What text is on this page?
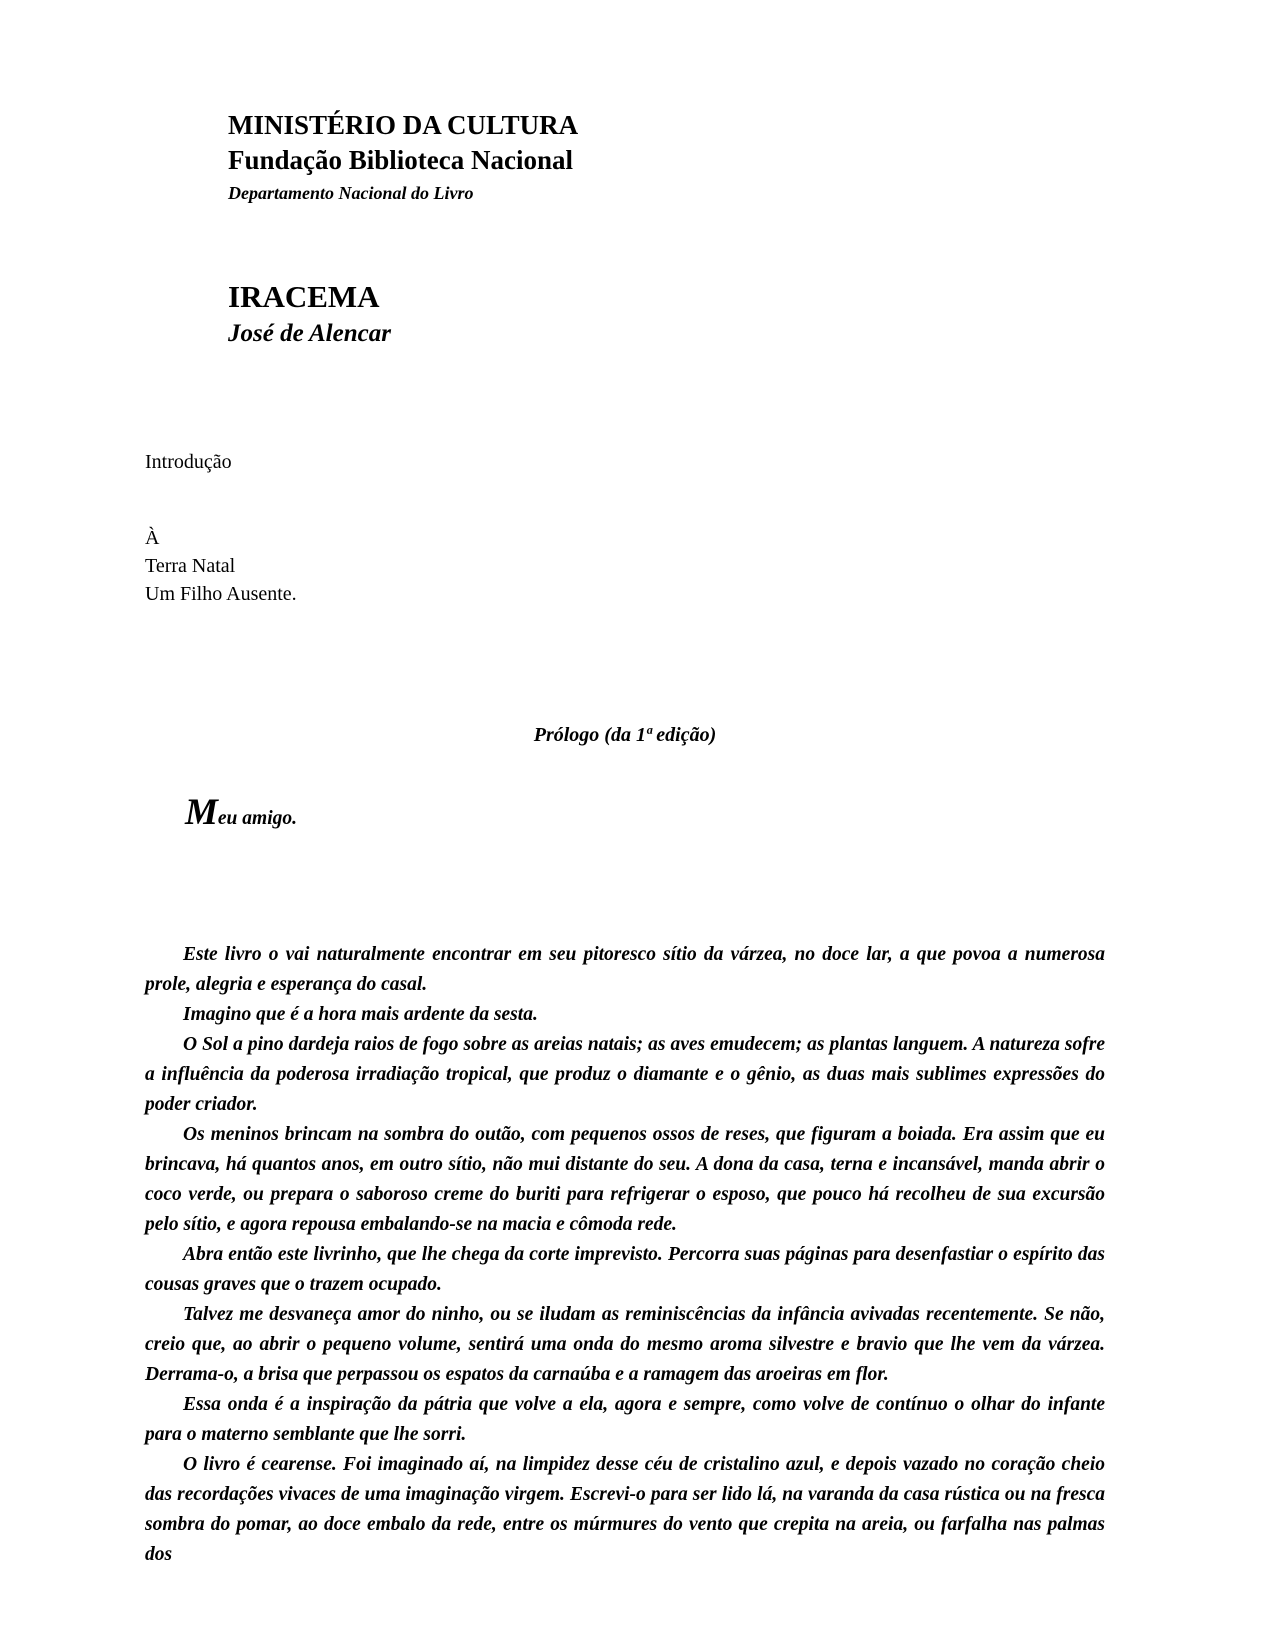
MINISTÉRIO DA CULTURA
Fundação Biblioteca Nacional
Departamento Nacional do Livro
IRACEMA
José de Alencar
Introdução
À
Terra Natal
Um Filho Ausente.
Prólogo (da 1ª edição)
Meu amigo.

Este livro o vai naturalmente encontrar em seu pitoresco sítio da várzea, no doce lar, a que povoa a numerosa prole, alegria e esperança do casal.

Imagino que é a hora mais ardente da sesta.

O Sol a pino dardeja raios de fogo sobre as areias natais; as aves emudecem; as plantas languem. A natureza sofre a influência da poderosa irradiação tropical, que produz o diamante e o gênio, as duas mais sublimes expressões do poder criador.

Os meninos brincam na sombra do outão, com pequenos ossos de reses, que figuram a boiada. Era assim que eu brincava, há quantos anos, em outro sítio, não mui distante do seu. A dona da casa, terna e incansável, manda abrir o coco verde, ou prepara o saboroso creme do buriti para refrigerar o esposo, que pouco há recolheu de sua excursão pelo sítio, e agora repousa embalando-se na macia e cômoda rede.

Abra então este livrinho, que lhe chega da corte imprevisto. Percorra suas páginas para desenfastiar o espírito das cousas graves que o trazem ocupado.

Talvez me desvaneça amor do ninho, ou se iludam as reminiscências da infância avivadas recentemente. Se não, creio que, ao abrir o pequeno volume, sentirá uma onda do mesmo aroma silvestre e bravio que lhe vem da várzea. Derrama-o, a brisa que perpassou os espatos da carnaúba e a ramagem das aroeiras em flor.

Essa onda é a inspiração da pátria que volve a ela, agora e sempre, como volve de contínuo o olhar do infante para o materno semblante que lhe sorri.

O livro é cearense. Foi imaginado aí, na limpidez desse céu de cristalino azul, e depois vazado no coração cheio das recordações vivaces de uma imaginação virgem. Escrevi-o para ser lido lá, na varanda da casa rústica ou na fresca sombra do pomar, ao doce embalo da rede, entre os múrmures do vento que crepita na areia, ou farfalha nas palmas dos
